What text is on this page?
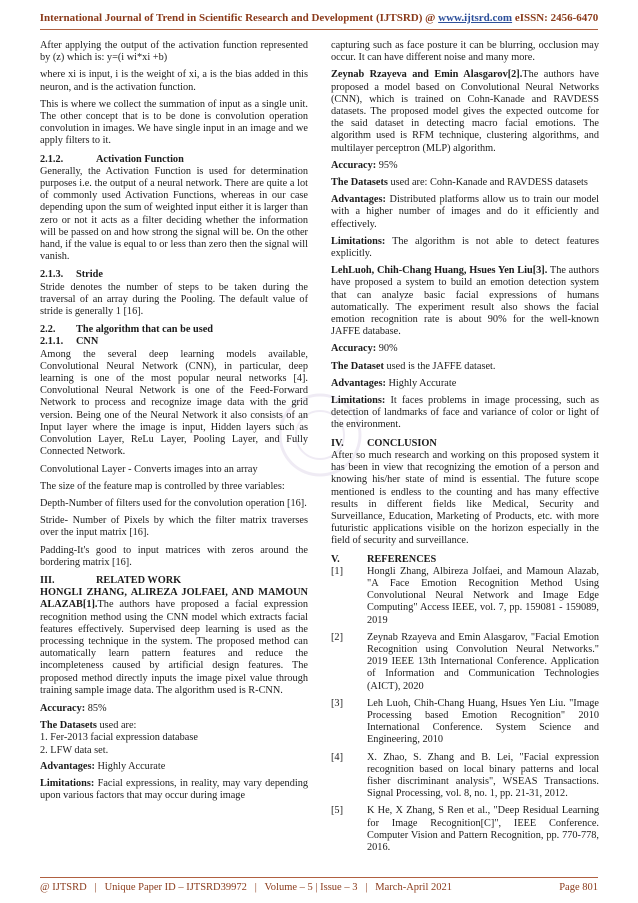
International Journal of Trend in Scientific Research and Development (IJTSRD) @ www.ijtsrd.com eISSN: 2456-6470

After applying the output of the activation function represented by (z) which is: y=(i wi*xi +b)

where xi is input, i is the weight of xi, a is the bias added in this neuron, and is the activation function.

This is where we collect the summation of input as a single unit. The other concept that is to be done is convolution operation convolution in images. We have single input in an image and we apply filters to it.

2.1.2.	Activation Function

Generally, the Activation Function is used for determination purposes i.e. the output of a neural network. There are quite a lot of commonly used Activation Functions, whereas in our case depending upon the sum of weighted input either it is larger than zero or not it acts as a filter deciding whether the information will be passed on and how strong the signal will be. On the other hand, if the value is equal to or less than zero then the signal will vanish.

2.1.3. Stride

Stride denotes the number of steps to be taken during the traversal of an array during the Pooling. The default value of stride is generally 1 [16].

2.2. The algorithm that can be used
2.1.1. CNN

Among the several deep learning models available, Convolutional Neural Network (CNN), in particular, deep learning is one of the most popular neural networks [4]. Convolutional Neural Network is one of the Feed-Forward Network to process and recognize image data with the grid version. Being one of the Neural Network it also consists of an Input layer where the image is input, Hidden layers such as Convolution Layer, ReLu Layer, Pooling Layer, and Fully Connected Network.

Convolutional Layer - Converts images into an array

The size of the feature map is controlled by three variables:

Depth-Number of filters used for the convolution operation [16].

Stride- Number of Pixels by which the filter matrix traverses over the input matrix [16].

Padding-It's good to input matrices with zeros around the bordering matrix [16].

III.	RELATED WORK

HONGLI ZHANG, ALIREZA JOLFAEI, AND MAMOUN ALAZAB[1].The authors have proposed a facial expression recognition method using the CNN model which extracts facial features effectively. Supervised deep learning is used as the processing technique in the system. The proposed method can automatically learn pattern features and reduce the incompleteness caused by artificial design features. The proposed method directly inputs the image pixel value through training sample image data. The algorithm used is R-CNN.

Accuracy: 85%

The Datasets used are:

1. Fer-2013 facial expression database
2. LFW data set.

Advantages: Highly Accurate

Limitations: Facial expressions, in reality, may vary depending upon various factors that may occur during image

capturing such as face posture it can be blurring, occlusion may occur. It can have different noise and many more.

Zeynab Rzayeva and Emin Alasgarov[2].The authors have proposed a model based on Convolutional Neural Networks (CNN), which is trained on Cohn-Kanade and RAVDESS datasets. The proposed model gives the expected outcome for the said dataset in detecting macro facial emotions. The algorithm used is RFM technique, clustering algorithms, and multilayer perceptron (MLP) algorithm.

Accuracy: 95%

The Datasets used are: Cohn-Kanade and RAVDESS datasets

Advantages: Distributed platforms allow us to train our model with a higher number of images and do it efficiently and effectively.

Limitations: The algorithm is not able to detect features explicitly.

LehLuoh, Chih-Chang Huang, Hsues Yen Liu[3]. The authors have proposed a system to build an emotion detection system that can analyze basic facial expressions of humans automatically. The experiment result also shows the facial emotion recognition rate is about 90% for the well-known JAFFE database.

Accuracy: 90%

The Dataset used is the JAFFE dataset.

Advantages: Highly Accurate

Limitations: It faces problems in image processing, such as detection of landmarks of face and variance of color or light of the environment.

IV. CONCLUSION

After so much research and working on this proposed system it has been in view that recognizing the emotion of a person and knowing his/her state of mind is essential. The future scope mentioned is endless to the counting and has many effective results in different fields like Medical, Security and Surveillance, Education, Marketing of Products, etc. with more futuristic applications visible on the horizon especially in the field of security and surveillance.

V.	REFERENCES
[1] Hongli Zhang, Albireza Jolfaei, and Mamoun Alazab, "A Face Emotion Recognition Method Using Convolutional Neural Network and Image Edge Computing" Access IEEE, vol. 7, pp. 159081 - 159089, 2019
[2] Zeynab Rzayeva and Emin Alasgarov, "Facial Emotion Recognition using Convolution Neural Networks." 2019 IEEE 13th International Conference. Application of Information and Communication Technologies (AICT), 2020
[3] Leh Luoh, Chih-Chang Huang, Hsues Yen Liu. "Image Processing based Emotion Recognition" 2010 International Conference. System Science and Engineering, 2010
[4] X. Zhao, S. Zhang and B. Lei, "Facial expression recognition based on local binary patterns and local fisher discriminant analysis", WSEAS Transactions. Signal Processing, vol. 8, no. 1, pp. 21-31, 2012.
[5] K He, X Zhang, S Ren et al., "Deep Residual Learning for Image Recognition[C]", IEEE Conference. Computer Vision and Pattern Recognition, pp. 770-778, 2016.
@ IJTSRD   |   Unique Paper ID – IJTSRD39972   |   Volume – 5 | Issue – 3   |   March-April 2021	Page 801
